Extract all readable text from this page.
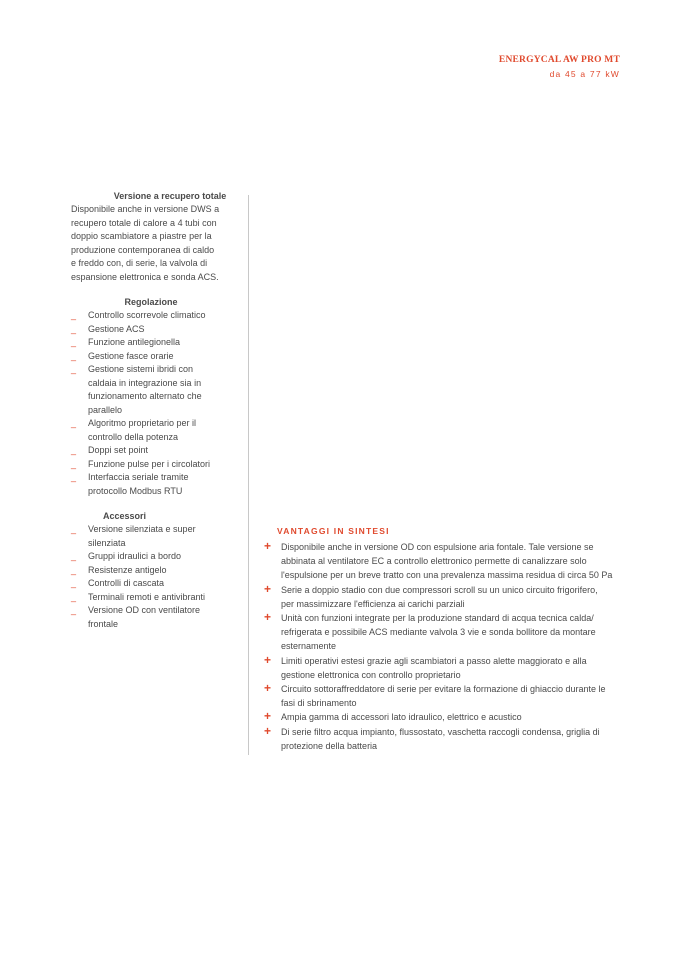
ENERGYCAL AW PRO MT
da 45 a 77 kW
Versione a recupero totale

Disponibile anche in versione DWS a
recupero totale di calore a 4 tubi con
doppio scambiatore a piastre per la
produzione contemporanea di caldo
e freddo con, di serie, la valvola di
espansione elettronica e sonda ACS.

Regolazione
_ Controllo scorrevole climatico
_ Gestione ACS
_ Funzione antilegionella
_ Gestione fasce orarie
_ Gestione sistemi ibridi con
caldaia in integrazione sia in
funzionamento alternato che
parallelo
_ Algoritmo proprietario per il
controllo della potenza
_ Doppi set point
_ Funzione pulse per i circolatori
_ Interfaccia seriale tramite
protocollo Modbus RTU
Accessori
_ Versione silenziata e super
silenziata
_ Gruppi idraulici a bordo
_ Resistenze antigelo
_ Controlli di cascata
_ Terminali remoti e antivibranti
_ Versione OD con ventilatore
frontale
VANTAGGI IN SINTESI
+ Disponibile anche in versione OD con espulsione aria fontale. Tale versione se
abbinata al ventilatore EC a controllo elettronico permette di canalizzare solo
l'espulsione per un breve tratto con una prevalenza massima residua di circa 50 Pa
+ Serie a doppio stadio con due compressori scroll su un unico circuito frigorifero,
per massimizzare l'efficienza ai carichi parziali
+ Unità con funzioni integrate per la produzione standard di acqua tecnica calda/
refrigerata e possibile ACS mediante valvola 3 vie e sonda bollitore da montare
esternamente
+ Limiti operativi estesi grazie agli scambiatori a passo alette maggiorato e alla
gestione elettronica con controllo proprietario
+ Circuito sottoraffreddatore di serie per evitare la formazione di ghiaccio durante le
fasi di sbrinamento
+ Ampia gamma di accessori lato idraulico, elettrico e acustico
+ Di serie filtro acqua impianto, flussostato, vaschetta raccogli condensa, griglia di
protezione della batteria
